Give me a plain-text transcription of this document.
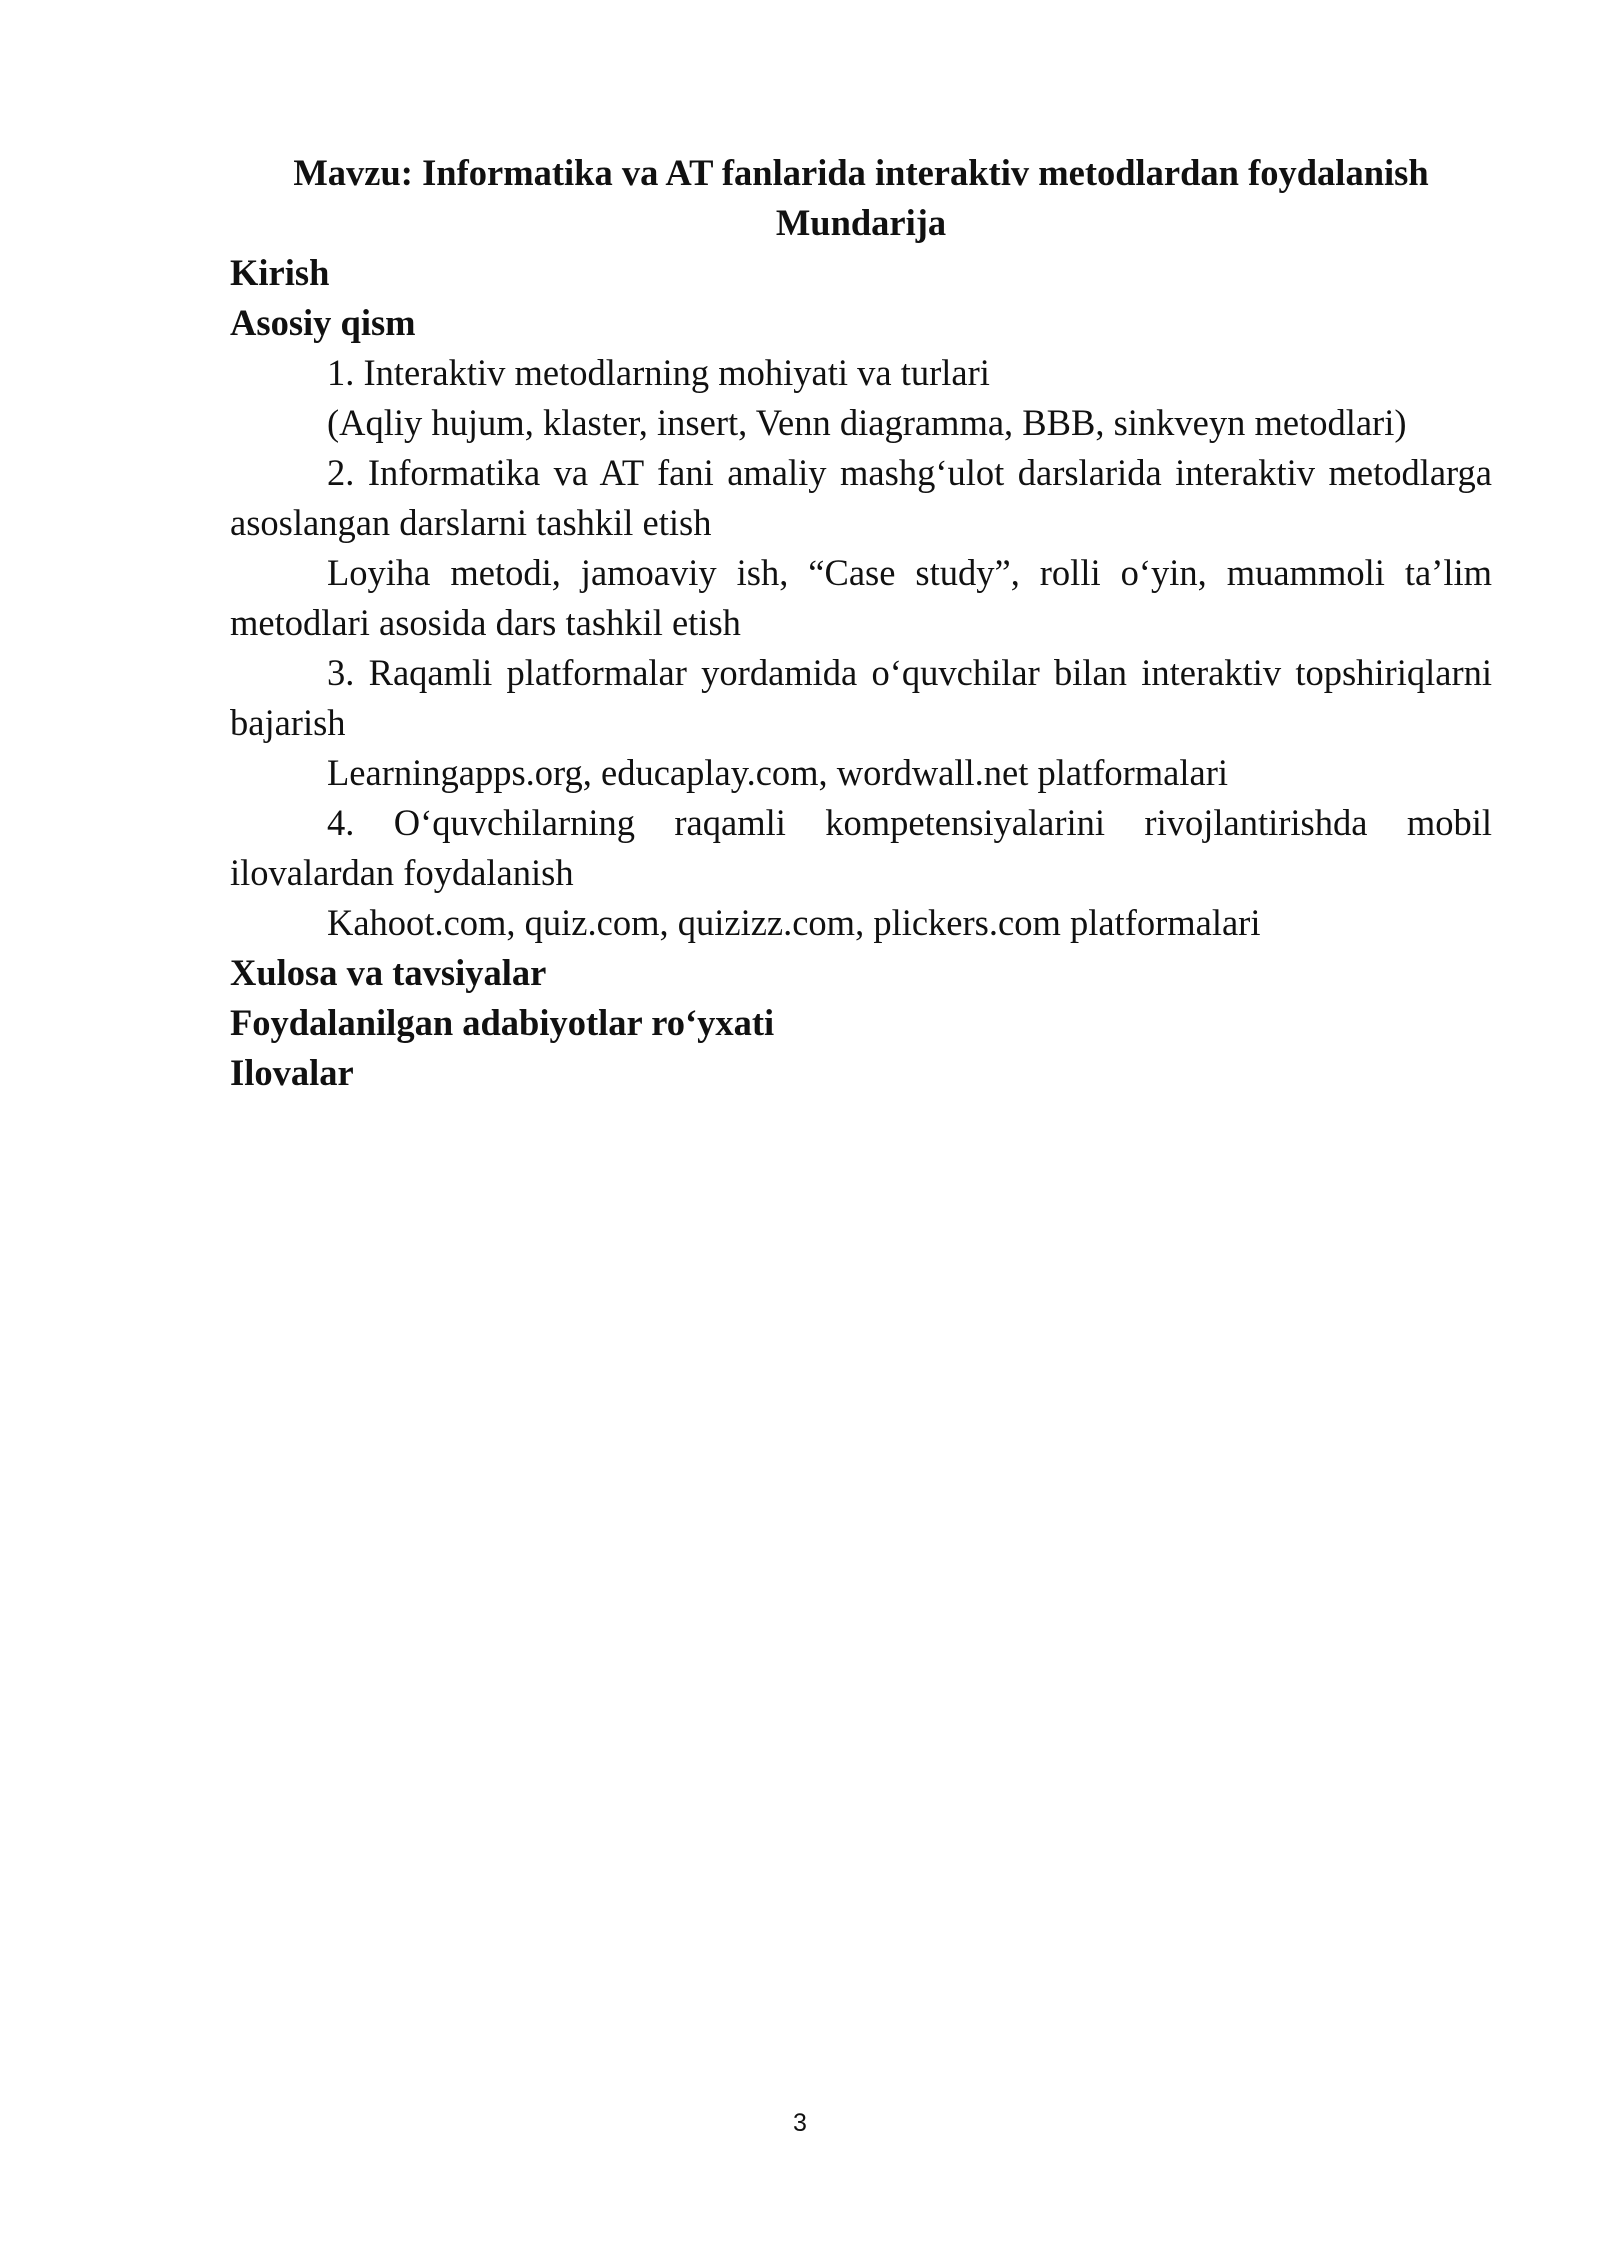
Mavzu: Informatika va AT fanlarida interaktiv metodlardan foydalanish

Mundarija

Kirish

Asosiy qism

1. Interaktiv metodlarning mohiyati va turlari

(Aqliy hujum, klaster, insert, Venn diagramma, BBB, sinkveyn metodlari)

2. Informatika va AT fani amaliy mashg‘ulot darslarida interaktiv metodlarga

asoslangan darslarni tashkil etish

Loyiha metodi, jamoaviy ish, “Case study”, rolli o‘yin, muammoli ta’lim

metodlari asosida dars tashkil etish

3. Raqamli platformalar yordamida o‘quvchilar bilan interaktiv topshiriqlarni

bajarish

Learningapps.org, educaplay.com, wordwall.net platformalari

4. O‘quvchilarning raqamli kompetensiyalarini rivojlantirishda mobil

ilovalardan foydalanish

Kahoot.com, quiz.com, quizizz.com, plickers.com platformalari

Xulosa va tavsiyalar

Foydalanilgan adabiyotlar ro‘yxati

Ilovalar

3
